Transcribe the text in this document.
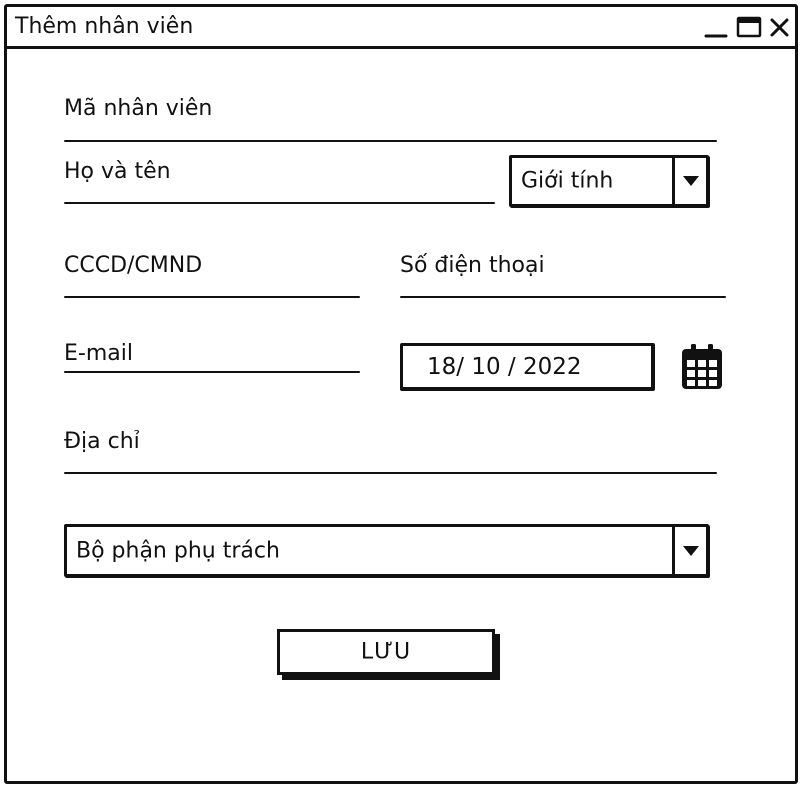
Thêm nhân viên
Mã nhân viên
Họ và tên	Giới tính
CCCD/CMND	Số điện thoại
E-mail	18/ 10 / 2022
Địa chỉ
Bộ phận phụ trách
LƯU
